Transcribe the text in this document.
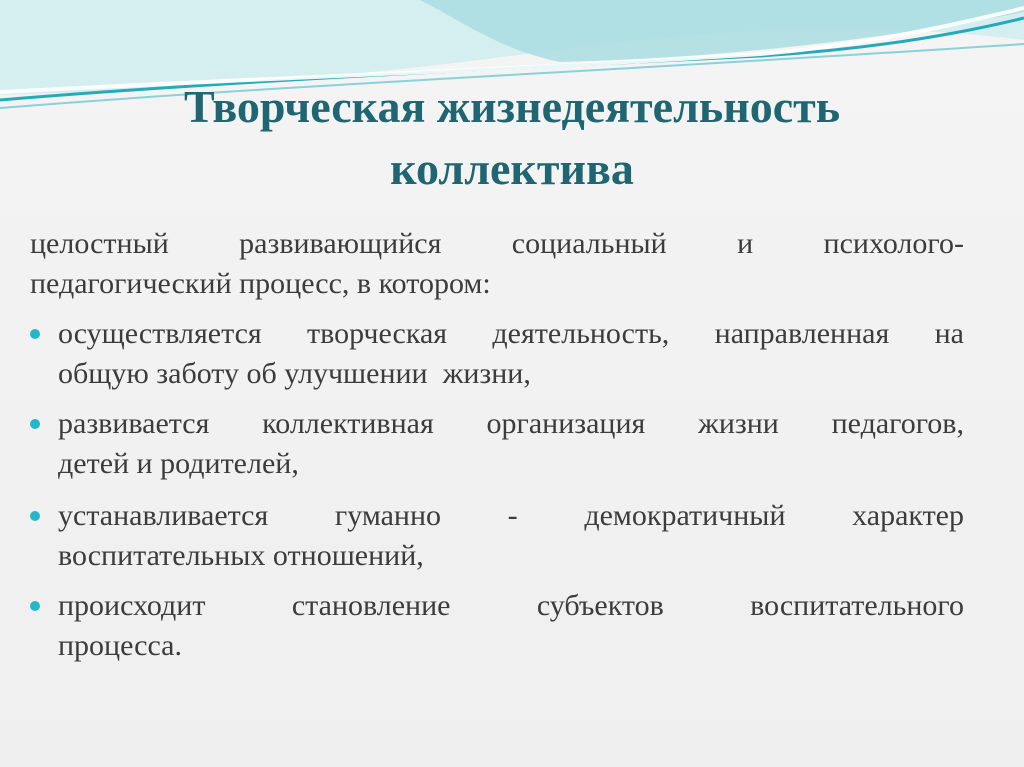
Творческая жизнедеятельность
коллектива
целостный развивающийся социальный и психолого-
педагогический процесс, в котором:
осуществляется творческая деятельность, направленная на
общую заботу об улучшении  жизни,
развивается коллективная организация жизни педагогов,
детей и родителей,
устанавливается гуманно - демократичный характер
воспитательных отношений,
происходит	становление	субъектов	воспитательного
процесса.
